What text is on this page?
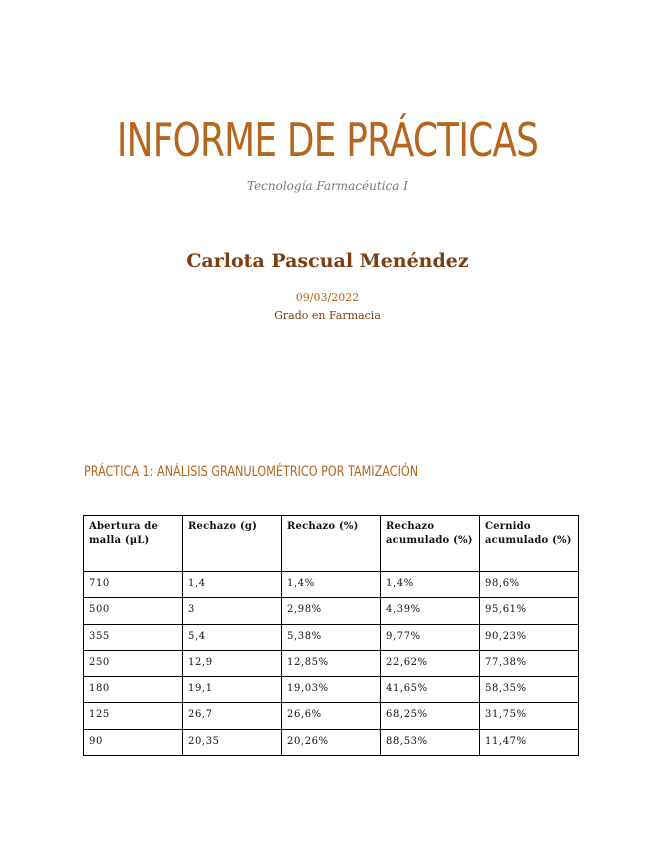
INFORME DE PRÁCTICAS
Tecnología Farmacéutica I
Carlota Pascual Menéndez
09/03/2022
Grado en Farmacia
PRÁCTICA 1: ANÁLISIS GRANULOMÉTRICO POR TAMIZACIÓN
Abertura de malla (μL)	Rechazo (g)	Rechazo (%)	Rechazo acumulado (%)	Cernido acumulado (%)
710	1,4	1,4%	1,4%	98,6%
500	3	2,98%	4,39%	95,61%
355	5,4	5,38%	9,77%	90,23%
250	12,9	12,85%	22,62%	77,38%
180	19,1	19,03%	41,65%	58,35%
125	26,7	26,6%	68,25%	31,75%
90	20,35	20,26%	88,53%	11,47%
